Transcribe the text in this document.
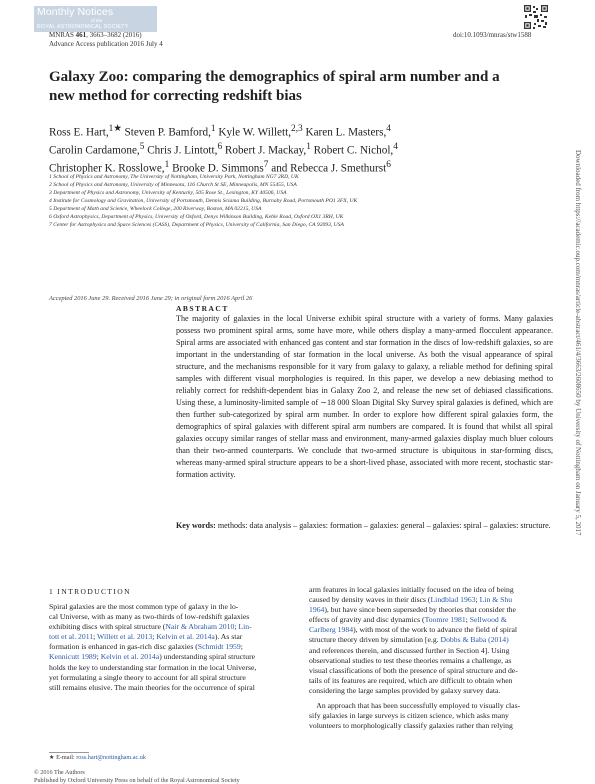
Monthly Notices
of the
ROYAL ASTRONOMICAL SOCIETY
MNRAS 461, 3663–3682 (2016)
Advance Access publication 2016 July 4
doi:10.1093/mnras/stw1588
Galaxy Zoo: comparing the demographics of spiral arm number and a
new method for correcting redshift bias
Ross E. Hart,$^{1★}$ Steven P. Bamford,$^1$ Kyle W. Willett,$^{2,3}$ Karen L. Masters,$^4$
Carolin Cardamone,$^5$ Chris J. Lintott,$^6$ Robert J. Mackay,$^1$ Robert C. Nichol,$^4$
Christopher K. Rosslowe,$^1$ Brooke D. Simmons$^7$ and Rebecca J. Smethurst$^6$
1 School of Physics and Astronomy, The University of Nottingham, University Park, Nottingham NG7 2RD, UK
2 School of Physics and Astronomy, University of Minnesota, 116 Church St SE, Minneapolis, MN 55455, USA
3 Department of Physics and Astronomy, University of Kentucky, 505 Rose St., Lexington, KY 40506, USA
4 Institute for Cosmology and Gravitation, University of Portsmouth, Dennis Sciama Building, Burnaby Road, Portsmouth PO1 3FX, UK
5 Department of Math and Science, Wheelock College, 200 Riverway, Boston, MA 02215, USA
6 Oxford Astrophysics, Department of Physics, University of Oxford, Denys Wilkinson Building, Keble Road, Oxford OX1 3RH, UK
7 Center for Astrophysics and Space Sciences (CASS), Department of Physics, University of California, San Diego, CA 92093, USA	Downloaded from https://academic.oup.com/mnras/article-abstract/461/4/3663/2608650 by University of Nottingham on January 5, 2017
Accepted 2016 June 29. Received 2016 June 29; in original form 2016 April 26
ABSTRACT
The majority of galaxies in the local Universe exhibit spiral structure with a variety of forms. Many galaxies possess two prominent spiral arms, some have more, while others display a many-armed flocculent appearance. Spiral arms are associated with enhanced gas content and star formation in the discs of low-redshift galaxies, so are important in the understanding of star formation in the local universe. As both the visual appearance of spiral structure, and the mechanisms responsible for it vary from galaxy to galaxy, a reliable method for defining spiral samples with different visual morphologies is required. In this paper, we develop a new debiasing method to reliably correct for redshift-dependent bias in Galaxy Zoo 2, and release the new set of debiased classifications. Using these, a luminosity-limited sample of ∼18 000 Sloan Digital Sky Survey spiral galaxies is defined, which are then further sub-categorized by spiral arm number. In order to explore how different spiral galaxies form, the demographics of spiral galaxies with different spiral arm numbers are compared. It is found that whilst all spiral galaxies occupy similar ranges of stellar mass and environment, many-armed galaxies display much bluer colours than their two-armed counterparts. We conclude that two-armed structure is ubiquitous in star-forming discs, whereas many-armed spiral structure appears to be a short-lived phase, associated with more recent, stochastic star-formation activity.
Key words: methods: data analysis – galaxies: formation – galaxies: general – galaxies: spiral – galaxies: structure.
1 INTRODUCTION
Spiral galaxies are the most common type of galaxy in the lo-
cal Universe, with as many as two-thirds of low-redshift galaxies
exhibiting discs with spiral structure (Nair & Abraham 2010; Lin-
tott et al. 2011; Willett et al. 2013; Kelvin et al. 2014a). As star
formation is enhanced in gas-rich disc galaxies (Schmidt 1959;
Kennicutt 1989; Kelvin et al. 2014a) understanding spiral structure
holds the key to understanding star formation in the local Universe,
yet formulating a single theory to account for all spiral structure
still remains elusive. The main theories for the occurrence of spiral
arm features in local galaxies initially focused on the idea of being
caused by density waves in their discs (Lindblad 1963; Lin & Shu
1964), but have since been superseded by theories that consider the
effects of gravity and disc dynamics (Toomre 1981; Sellwood &
Carlberg 1984), with most of the work to advance the field of spiral
structure theory driven by simulation [e.g. Dobbs & Baba (2014)
and references therein, and discussed further in Section 4]. Using
observational studies to test these theories remains a challenge, as
visual classifications of both the presence of spiral structure and de-
tails of its features are required, which are difficult to obtain when
considering the large samples provided by galaxy survey data.
An approach that has been successfully employed to visually clas-
sify galaxies in large surveys is citizen science, which asks many
volunteers to morphologically classify galaxies rather than relying
★ E-mail: ross.hart@nottingham.ac.uk
© 2016 The Authors
Published by Oxford University Press on behalf of the Royal Astronomical Society
